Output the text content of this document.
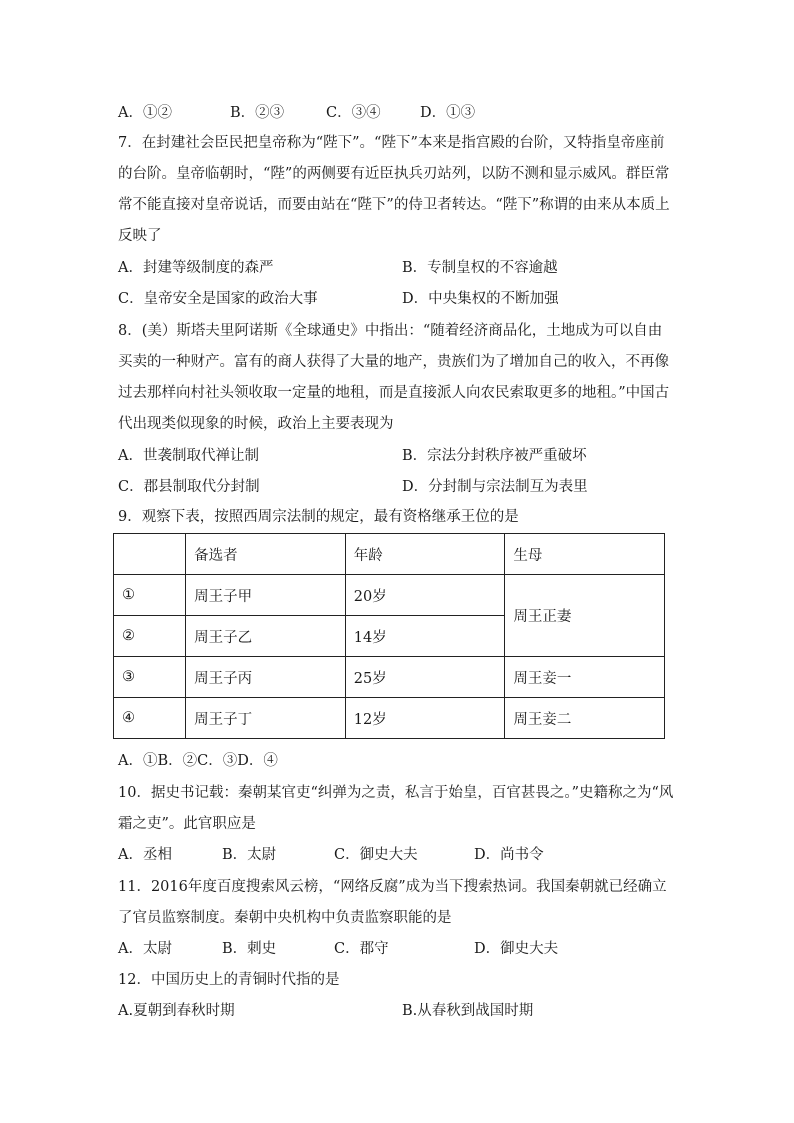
A．①②	B．②③	C．③④	D．①③
7．在封建社会臣民把皇帝称为“陛下”。“陛下”本来是指宫殿的台阶，又特指皇帝座前的台阶。皇帝临朝时，“陛”的两侧要有近臣执兵刃站列，以防不测和显示威风。群臣常常不能直接对皇帝说话，而要由站在“陛下”的侍卫者转达。“陛下”称谓的由来从本质上反映了
A．封建等级制度的森严	B．专制皇权的不容逾越
C．皇帝安全是国家的政治大事	D．中央集权的不断加强
8．(美）斯塔夫里阿诺斯《全球通史》中指出：“随着经济商品化，土地成为可以自由买卖的一种财产。富有的商人获得了大量的地产，贵族们为了增加自己的收入，不再像过去那样向村社头领收取一定量的地租，而是直接派人向农民索取更多的地租。”中国古代出现类似现象的时候，政治上主要表现为
A．世袭制取代禅让制	B．宗法分封秩序被严重破坏
C．郡县制取代分封制	D．分封制与宗法制互为表里
9．观察下表，按照西周宗法制的规定，最有资格继承王位的是
	备选者	年龄	生母
①	周王子甲	20岁	周王正妻
②	周王子乙	14岁	
③	周王子丙	25岁	周王妾一
④	周王子丁	12岁	周王妾二
A．①B．②C．③D．④
10．据史书记载：秦朝某官吏“纠弹为之责，私言于始皇，百官甚畏之。”史籍称之为“风霜之吏”。此官职应是
A．丞相	B．太尉	C．御史大夫	D．尚书令
11．2016年度百度搜索风云榜，“网络反腐”成为当下搜索热词。我国秦朝就已经确立了官员监察制度。秦朝中央机构中负责监察职能的是
A．太尉	B．刺史	C．郡守	D．御史大夫
12．中国历史上的青铜时代指的是
A.夏朝到春秋时期	B.从春秋到战国时期
